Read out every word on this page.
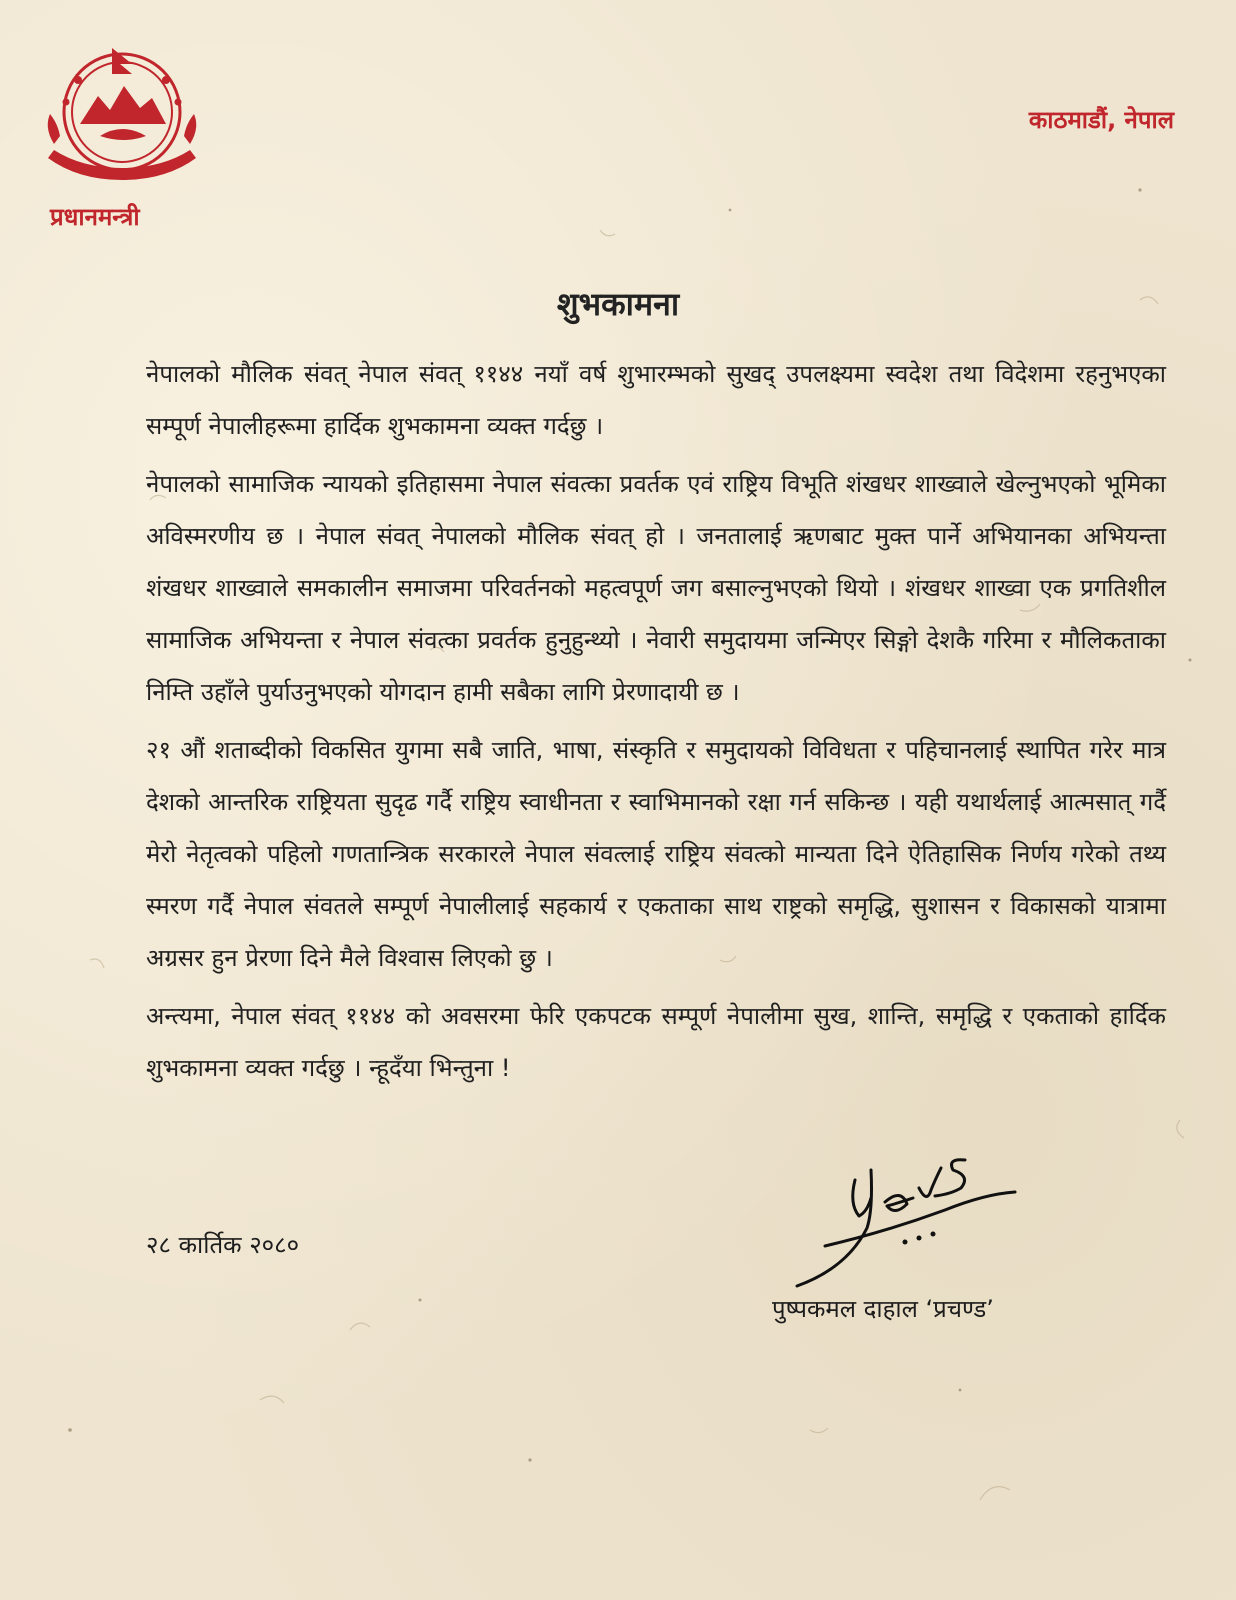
प्रधानमन्त्री
काठमाडौं, नेपाल
शुभकामना

नेपालको मौलिक संवत् नेपाल संवत् ११४४ नयाँ वर्ष शुभारम्भको सुखद् उपलक्ष्यमा स्वदेश तथा विदेशमा रहनुभएका सम्पूर्ण नेपालीहरूमा हार्दिक शुभकामना व्यक्त गर्दछु ।

नेपालको सामाजिक न्यायको इतिहासमा नेपाल संवत्का प्रवर्तक एवं राष्ट्रिय विभूति शंखधर शाख्वाले खेल्नुभएको भूमिका अविस्मरणीय छ । नेपाल संवत् नेपालको मौलिक संवत् हो । जनतालाई ऋणबाट मुक्त पार्ने अभियानका अभियन्ता शंखधर शाख्वाले समकालीन समाजमा परिवर्तनको महत्वपूर्ण जग बसाल्नुभएको थियो । शंखधर शाख्वा एक प्रगतिशील सामाजिक अभियन्ता र नेपाल संवत्का प्रवर्तक हुनुहुन्थ्यो । नेवारी समुदायमा जन्मिएर सिङ्गो देशकै गरिमा र मौलिकताका निम्ति उहाँले पुर्याउनुभएको योगदान हामी सबैका लागि प्रेरणादायी छ ।

२१ औं शताब्दीको विकसित युगमा सबै जाति, भाषा, संस्कृति र समुदायको विविधता र पहिचानलाई स्थापित गरेर मात्र देशको आन्तरिक राष्ट्रियता सुदृढ गर्दै राष्ट्रिय स्वाधीनता र स्वाभिमानको रक्षा गर्न सकिन्छ । यही यथार्थलाई आत्मसात् गर्दै मेरो नेतृत्वको पहिलो गणतान्त्रिक सरकारले नेपाल संवत्लाई राष्ट्रिय संवत्को मान्यता दिने ऐतिहासिक निर्णय गरेको तथ्य स्मरण गर्दै नेपाल संवतले सम्पूर्ण नेपालीलाई सहकार्य र एकताका साथ राष्ट्रको समृद्धि, सुशासन र विकासको यात्रामा अग्रसर हुन प्रेरणा दिने मैले विश्वास लिएको छु ।

अन्त्यमा, नेपाल संवत् ११४४ को अवसरमा फेरि एकपटक सम्पूर्ण नेपालीमा सुख, शान्ति, समृद्धि र एकताको हार्दिक शुभकामना व्यक्त गर्दछु । न्हूदँया भिन्तुना !

२८ कार्तिक २०८०
पुष्पकमल दाहाल ‘प्रचण्ड’
